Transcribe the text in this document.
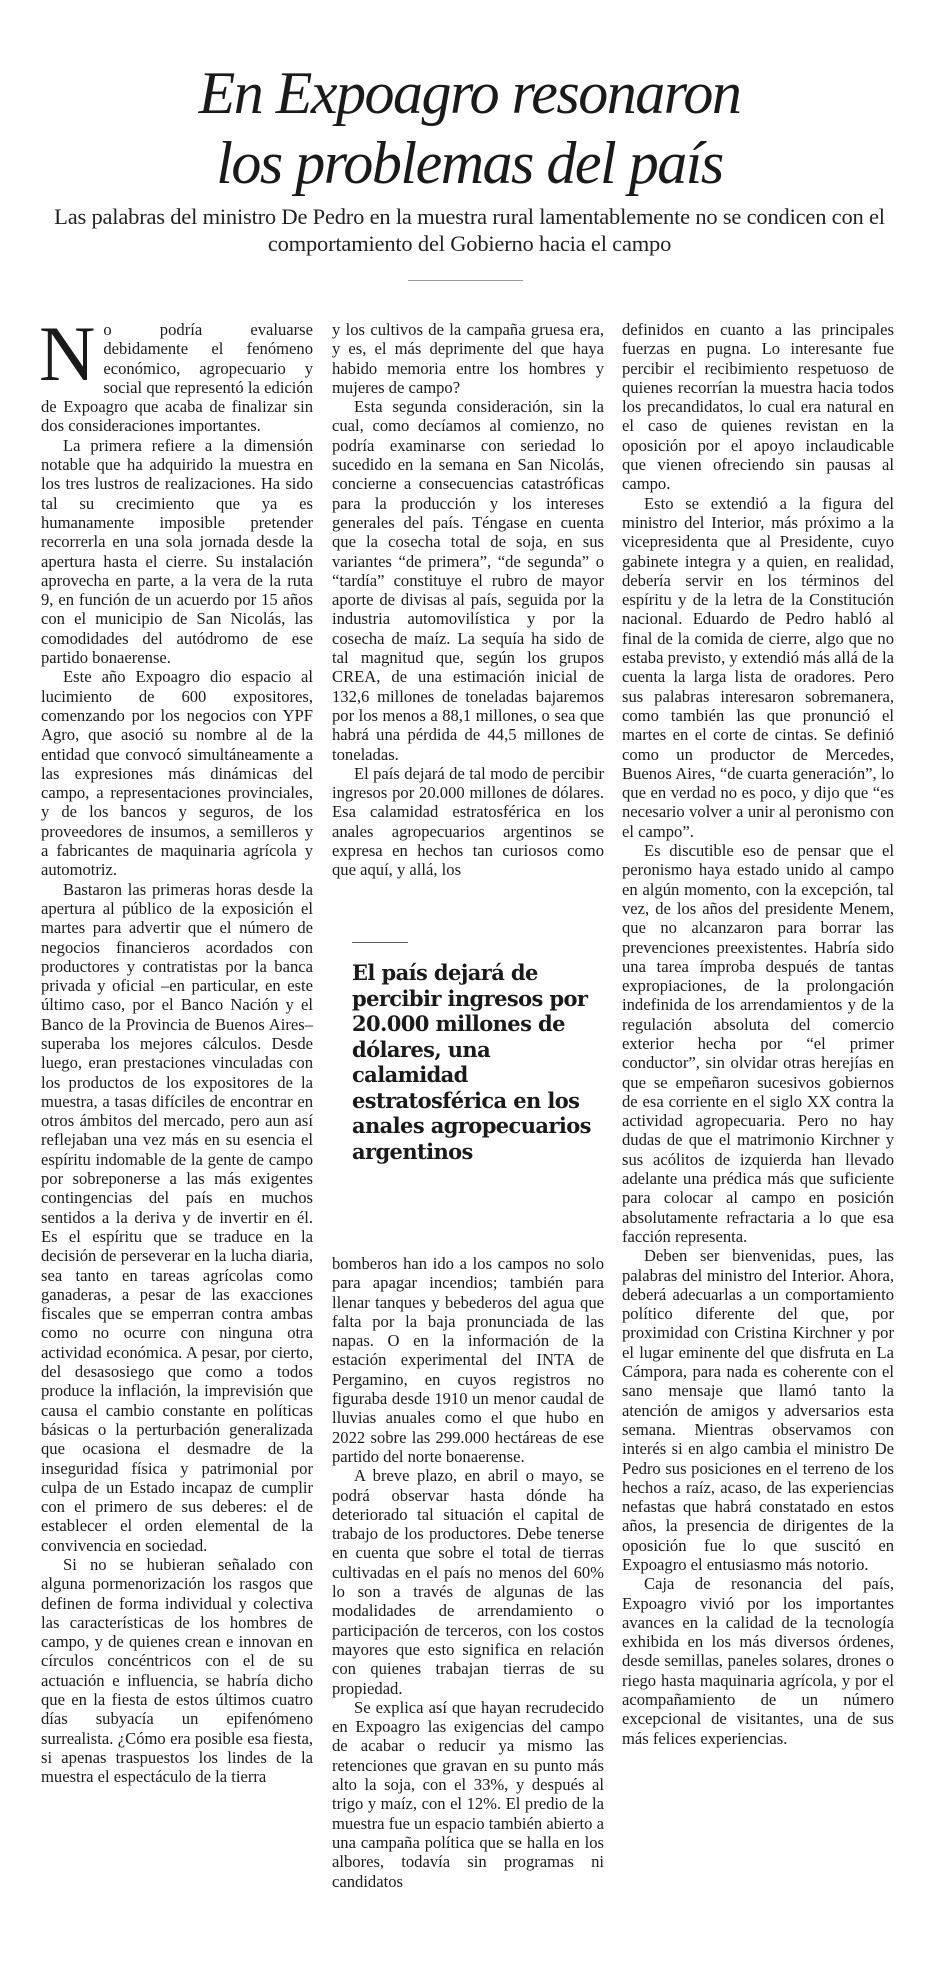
En Expoagro resonaron
los problemas del país

Las palabras del ministro De Pedro en la muestra rural lamentablemente no se condicen con el comportamiento del Gobierno hacia el campo

No podría evaluarse debidamente el fenómeno económico, agropecuario y social que representó la edición de Expoagro que acaba de finalizar sin dos consideraciones importantes.

La primera refiere a la dimensión notable que ha adquirido la muestra en los tres lustros de realizaciones. Ha sido tal su crecimiento que ya es humanamente imposible pretender recorrerla en una sola jornada desde la apertura hasta el cierre. Su instalación aprovecha en parte, a la vera de la ruta 9, en función de un acuerdo por 15 años con el municipio de San Nicolás, las comodidades del autódromo de ese partido bonaerense.

Este año Expoagro dio espacio al lucimiento de 600 expositores, comenzando por los negocios con YPF Agro, que asoció su nombre al de la entidad que convocó simultáneamente a las expresiones más dinámicas del campo, a representaciones provinciales, y de los bancos y seguros, de los proveedores de insumos, a semilleros y a fabricantes de maquinaria agrícola y automotriz.

Bastaron las primeras horas desde la apertura al público de la exposición el martes para advertir que el número de negocios financieros acordados con productores y contratistas por la banca privada y oficial –en particular, en este último caso, por el Banco Nación y el Banco de la Provincia de Buenos Aires– superaba los mejores cálculos. Desde luego, eran prestaciones vinculadas con los productos de los expositores de la muestra, a tasas difíciles de encontrar en otros ámbitos del mercado, pero aun así reflejaban una vez más en su esencia el espíritu indomable de la gente de campo por sobreponerse a las más exigentes contingencias del país en muchos sentidos a la deriva y de invertir en él. Es el espíritu que se traduce en la decisión de perseverar en la lucha diaria, sea tanto en tareas agrícolas como ganaderas, a pesar de las exacciones fiscales que se emperran contra ambas como no ocurre con ninguna otra actividad económica. A pesar, por cierto, del desasosiego que como a todos produce la inflación, la imprevisión que causa el cambio constante en políticas básicas o la perturbación generalizada que ocasiona el desmadre de la inseguridad física y patrimonial por culpa de un Estado incapaz de cumplir con el primero de sus deberes: el de establecer el orden elemental de la convivencia en sociedad.

Si no se hubieran señalado con alguna pormenorización los rasgos que definen de forma individual y colectiva las características de los hombres de campo, y de quienes crean e innovan en círculos concéntricos con el de su actuación e influencia, se habría dicho que en la fiesta de estos últimos cuatro días subyacía un epifenómeno surrealista. ¿Cómo era posible esa fiesta, si apenas traspuestos los lindes de la muestra el espectáculo de la tierra

y los cultivos de la campaña gruesa era, y es, el más deprimente del que haya habido memoria entre los hombres y mujeres de campo?

Esta segunda consideración, sin la cual, como decíamos al comienzo, no podría examinarse con seriedad lo sucedido en la semana en San Nicolás, concierne a consecuencias catastróficas para la producción y los intereses generales del país. Téngase en cuenta que la cosecha total de soja, en sus variantes “de primera”, “de segunda” o “tardía” constituye el rubro de mayor aporte de divisas al país, seguida por la industria automovilística y por la cosecha de maíz. La sequía ha sido de tal magnitud que, según los grupos CREA, de una estimación inicial de 132,6 millones de toneladas bajaremos por los menos a 88,1 millones, o sea que habrá una pérdida de 44,5 millones de toneladas.

El país dejará de tal modo de percibir ingresos por 20.000 millones de dólares. Esa calamidad estratosférica en los anales agropecuarios argentinos se expresa en hechos tan curiosos como que aquí, y allá, los

El país dejará de percibir ingresos por 20.000 millones de dólares, una calamidad estratosférica en los anales agropecuarios argentinos

bomberos han ido a los campos no solo para apagar incendios; también para llenar tanques y bebederos del agua que falta por la baja pronunciada de las napas. O en la información de la estación experimental del INTA de Pergamino, en cuyos registros no figuraba desde 1910 un menor caudal de lluvias anuales como el que hubo en 2022 sobre las 299.000 hectáreas de ese partido del norte bonaerense.

A breve plazo, en abril o mayo, se podrá observar hasta dónde ha deteriorado tal situación el capital de trabajo de los productores. Debe tenerse en cuenta que sobre el total de tierras cultivadas en el país no menos del 60% lo son a través de algunas de las modalidades de arrendamiento o participación de terceros, con los costos mayores que esto significa en relación con quienes trabajan tierras de su propiedad.

Se explica así que hayan recrudecido en Expoagro las exigencias del campo de acabar o reducir ya mismo las retenciones que gravan en su punto más alto la soja, con el 33%, y después al trigo y maíz, con el 12%. El predio de la muestra fue un espacio también abierto a una campaña política que se halla en los albores, todavía sin programas ni candidatos

definidos en cuanto a las principales fuerzas en pugna. Lo interesante fue percibir el recibimiento respetuoso de quienes recorrían la muestra hacia todos los precandidatos, lo cual era natural en el caso de quienes revistan en la oposición por el apoyo inclaudicable que vienen ofreciendo sin pausas al campo.

Esto se extendió a la figura del ministro del Interior, más próximo a la vicepresidenta que al Presidente, cuyo gabinete integra y a quien, en realidad, debería servir en los términos del espíritu y de la letra de la Constitución nacional. Eduardo de Pedro habló al final de la comida de cierre, algo que no estaba previsto, y extendió más allá de la cuenta la larga lista de oradores. Pero sus palabras interesaron sobremanera, como también las que pronunció el martes en el corte de cintas. Se definió como un productor de Mercedes, Buenos Aires, “de cuarta generación”, lo que en verdad no es poco, y dijo que “es necesario volver a unir al peronismo con el campo”.

Es discutible eso de pensar que el peronismo haya estado unido al campo en algún momento, con la excepción, tal vez, de los años del presidente Menem, que no alcanzaron para borrar las prevenciones preexistentes. Habría sido una tarea ímproba después de tantas expropiaciones, de la prolongación indefinida de los arrendamientos y de la regulación absoluta del comercio exterior hecha por “el primer conductor”, sin olvidar otras herejías en que se empeñaron sucesivos gobiernos de esa corriente en el siglo XX contra la actividad agropecuaria. Pero no hay dudas de que el matrimonio Kirchner y sus acólitos de izquierda han llevado adelante una prédica más que suficiente para colocar al campo en posición absolutamente refractaria a lo que esa facción representa.

Deben ser bienvenidas, pues, las palabras del ministro del Interior. Ahora, deberá adecuarlas a un comportamiento político diferente del que, por proximidad con Cristina Kirchner y por el lugar eminente del que disfruta en La Cámpora, para nada es coherente con el sano mensaje que llamó tanto la atención de amigos y adversarios esta semana. Mientras observamos con interés si en algo cambia el ministro De Pedro sus posiciones en el terreno de los hechos a raíz, acaso, de las experiencias nefastas que habrá constatado en estos años, la presencia de dirigentes de la oposición fue lo que suscitó en Expoagro el entusiasmo más notorio.

Caja de resonancia del país, Expoagro vivió por los importantes avances en la calidad de la tecnología exhibida en los más diversos órdenes, desde semillas, paneles solares, drones o riego hasta maquinaria agrícola, y por el acompañamiento de un número excepcional de visitantes, una de sus más felices experiencias.
